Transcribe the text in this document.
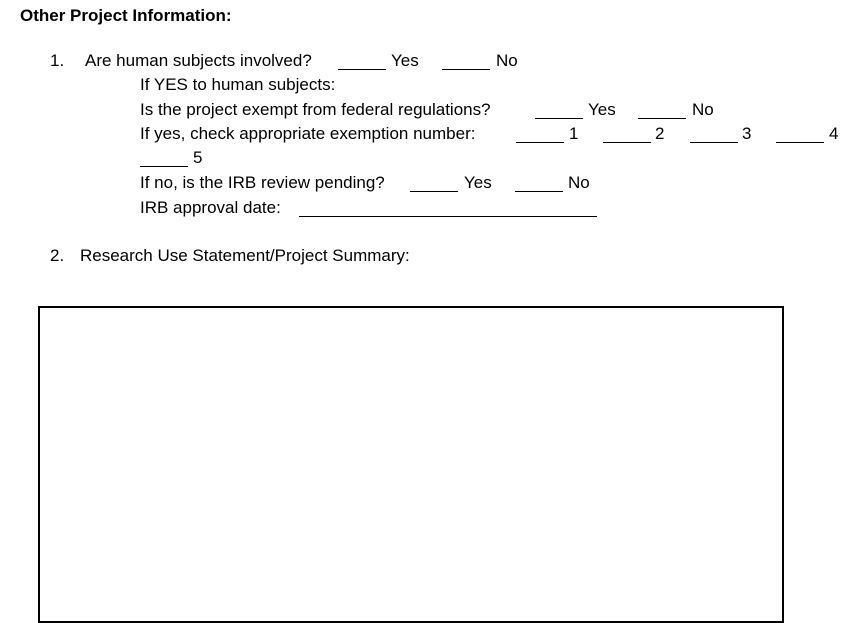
Other Project Information:
1. Are human subjects involved?	Yes	No
If YES to human subjects:
Is the project exempt from federal regulations?	Yes	No
If yes, check appropriate exemption number:	1	2	3	4
5
If no, is the IRB review pending?	Yes	No
IRB approval date:
2. Research Use Statement/Project Summary:
